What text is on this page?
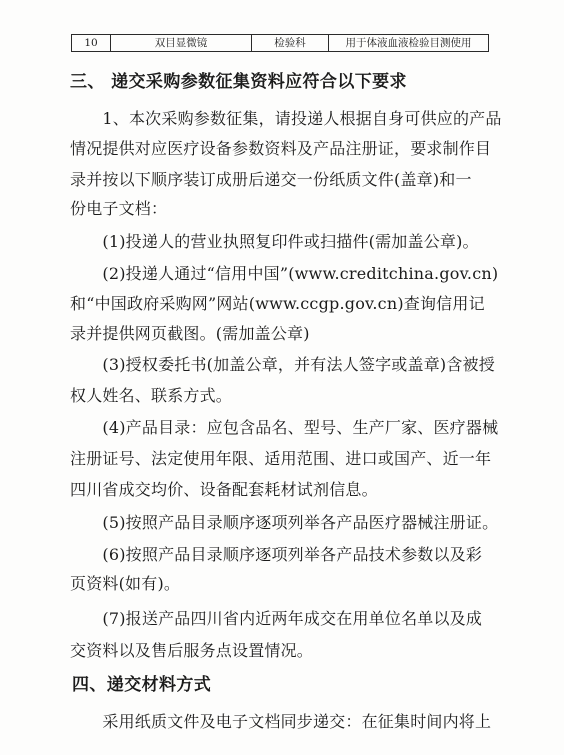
10	双目显微镜	检验科	用于体液血液检验目测使用
三、 递交采购参数征集资料应符合以下要求
　　1、本次采购参数征集，请投递人根据自身可供应的产品
情况提供对应医疗设备参数资料及产品注册证，要求制作目
录并按以下顺序装订成册后递交一份纸质文件(盖章)和一
份电子文档：
　　(1)投递人的营业执照复印件或扫描件(需加盖公章)。
　　(2)投递人通过“信用中国”(www.creditchina.gov.cn)
和“中国政府采购网”网站(www.ccgp.gov.cn)查询信用记
录并提供网页截图。(需加盖公章)
　　(3)授权委托书(加盖公章，并有法人签字或盖章)含被授
权人姓名、联系方式。
　　(4)产品目录：应包含品名、型号、生产厂家、医疗器械
注册证号、法定使用年限、适用范围、进口或国产、近一年
四川省成交均价、设备配套耗材试剂信息。
　　(5)按照产品目录顺序逐项列举各产品医疗器械注册证。
　　(6)按照产品目录顺序逐项列举各产品技术参数以及彩
页资料(如有)。
　　(7)报送产品四川省内近两年成交在用单位名单以及成
交资料以及售后服务点设置情况。
四、递交材料方式
　　采用纸质文件及电子文档同步递交：在征集时间内将上
